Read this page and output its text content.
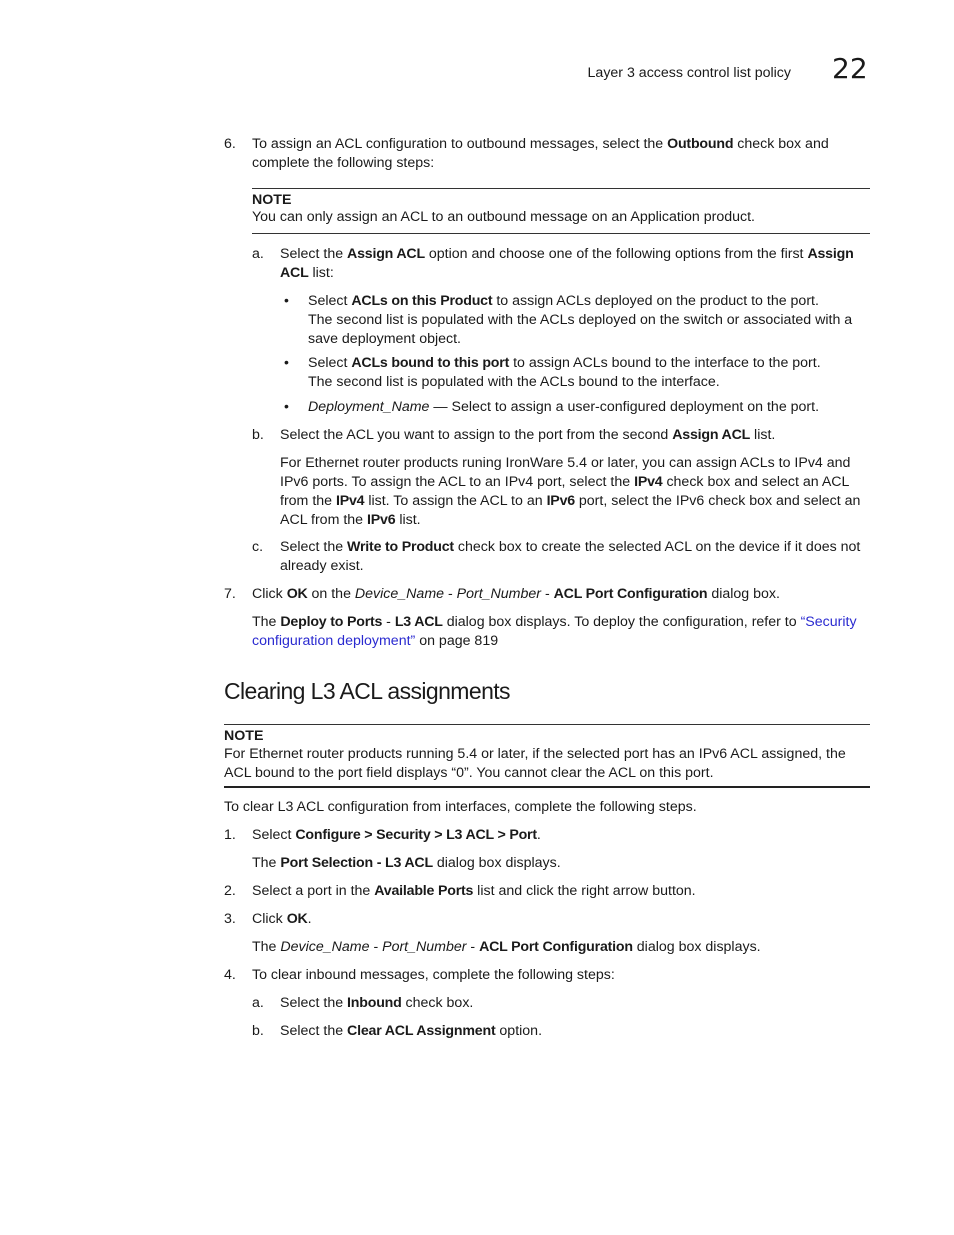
Layer 3 access control list policy 22
6. To assign an ACL configuration to outbound messages, select the Outbound check box and complete the following steps:
NOTE
You can only assign an ACL to an outbound message on an Application product.
a. Select the Assign ACL option and choose one of the following options from the first Assign ACL list:
• Select ACLs on this Product to assign ACLs deployed on the product to the port.
The second list is populated with the ACLs deployed on the switch or associated with a save deployment object.
• Select ACLs bound to this port to assign ACLs bound to the interface to the port.
The second list is populated with the ACLs bound to the interface.
• Deployment_Name — Select to assign a user-configured deployment on the port.
b. Select the ACL you want to assign to the port from the second Assign ACL list.
For Ethernet router products runing IronWare 5.4 or later, you can assign ACLs to IPv4 and IPv6 ports. To assign the ACL to an IPv4 port, select the IPv4 check box and select an ACL from the IPv4 list. To assign the ACL to an IPv6 port, select the IPv6 check box and select an ACL from the IPv6 list.
c. Select the Write to Product check box to create the selected ACL on the device if it does not already exist.
7. Click OK on the Device_Name - Port_Number - ACL Port Configuration dialog box.
The Deploy to Ports - L3 ACL dialog box displays. To deploy the configuration, refer to “Security configuration deployment” on page 819
Clearing L3 ACL assignments
NOTE
For Ethernet router products running 5.4 or later, if the selected port has an IPv6 ACL assigned, the ACL bound to the port field displays “0”. You cannot clear the ACL on this port.
To clear L3 ACL configuration from interfaces, complete the following steps.
1. Select Configure > Security > L3 ACL > Port.
The Port Selection - L3 ACL dialog box displays.
2. Select a port in the Available Ports list and click the right arrow button.
3. Click OK.
The Device_Name - Port_Number - ACL Port Configuration dialog box displays.
4. To clear inbound messages, complete the following steps:
a. Select the Inbound check box.
b. Select the Clear ACL Assignment option.
